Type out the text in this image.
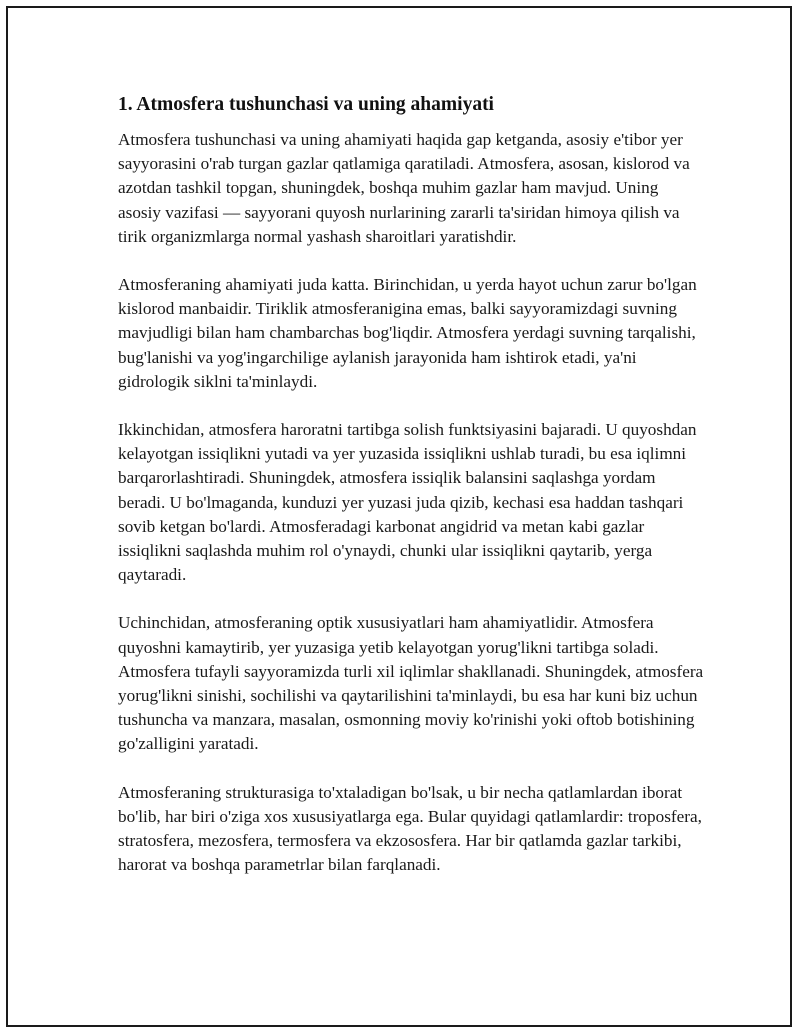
1. Atmosfera tushunchasi va uning ahamiyati

Atmosfera tushunchasi va uning ahamiyati haqida gap ketganda, asosiy e'tibor yer sayyorasini o'rab turgan gazlar qatlamiga qaratiladi. Atmosfera, asosan, kislorod va azotdan tashkil topgan, shuningdek, boshqa muhim gazlar ham mavjud. Uning asosiy vazifasi — sayyorani quyosh nurlarining zararli ta'siridan himoya qilish va tirik organizmlarga normal yashash sharoitlari yaratishdir.

Atmosferaning ahamiyati juda katta. Birinchidan, u yerda hayot uchun zarur bo'lgan kislorod manbaidir. Tiriklik atmosferanigina emas, balki sayyoramizdagi suvning mavjudligi bilan ham chambarchas bog'liqdir. Atmosfera yerdagi suvning tarqalishi, bug'lanishi va yog'ingarchilige aylanish jarayonida ham ishtirok etadi, ya'ni gidrologik siklni ta'minlaydi.

Ikkinchidan, atmosfera haroratni tartibga solish funktsiyasini bajaradi. U quyoshdan kelayotgan issiqlikni yutadi va yer yuzasida issiqlikni ushlab turadi, bu esa iqlimni barqarorlashtiradi. Shuningdek, atmosfera issiqlik balansini saqlashga yordam beradi. U bo'lmaganda, kunduzi yer yuzasi juda qizib, kechasi esa haddan tashqari sovib ketgan bo'lardi. Atmosferadagi karbonat angidrid va metan kabi gazlar issiqlikni saqlashda muhim rol o'ynaydi, chunki ular issiqlikni qaytarib, yerga qaytaradi.

Uchinchidan, atmosferaning optik xususiyatlari ham ahamiyatlidir. Atmosfera quyoshni kamaytirib, yer yuzasiga yetib kelayotgan yorug'likni tartibga soladi. Atmosfera tufayli sayyoramizda turli xil iqlimlar shakllanadi. Shuningdek, atmosfera yorug'likni sinishi, sochilishi va qaytarilishini ta'minlaydi, bu esa har kuni biz uchun tushuncha va manzara, masalan, osmonning moviy ko'rinishi yoki oftob botishining go'zalligini yaratadi.

Atmosferaning strukturasiga to'xtaladigan bo'lsak, u bir necha qatlamlardan iborat bo'lib, har biri o'ziga xos xususiyatlarga ega. Bular quyidagi qatlamlardir: troposfera, stratosfera, mezosfera, termosfera va ekzososfera. Har bir qatlamda gazlar tarkibi, harorat va boshqa parametrlar bilan farqlanadi.
